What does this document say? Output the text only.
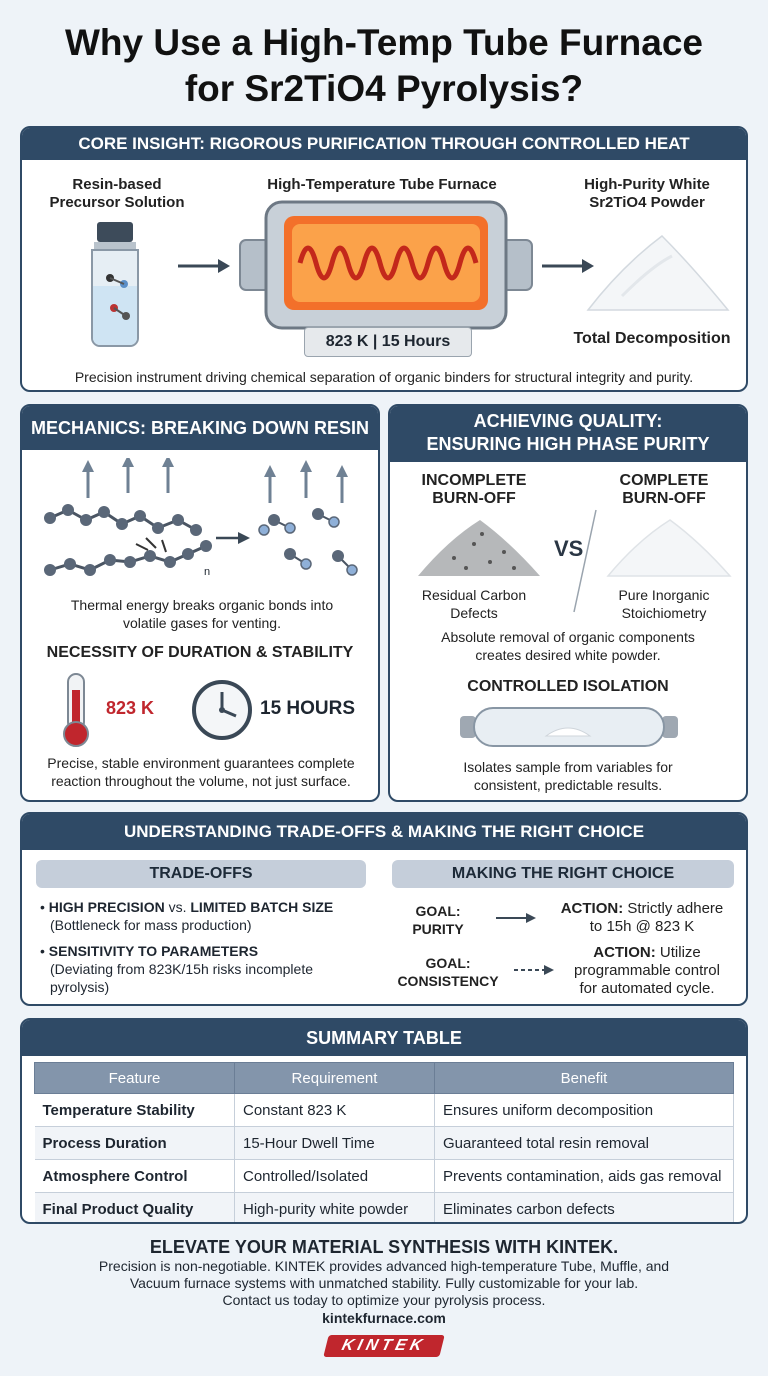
Why Use a High-Temp Tube Furnace
for Sr2TiO4 Pyrolysis?
CORE INSIGHT: RIGOROUS PURIFICATION THROUGH CONTROLLED HEAT
Resin-based Precursor Solution
High-Temperature Tube Furnace	High-Purity White Sr2TiO4 Powder
823 K | 15 Hours	Total Decomposition
Precision instrument driving chemical separation of organic binders for structural integrity and purity.
MECHANICS: BREAKING DOWN RESIN
n
Thermal energy breaks organic bonds into volatile gases for venting.
NECESSITY OF DURATION & STABILITY
823 K	15 HOURS
Precise, stable environment guarantees complete reaction throughout the volume, not just surface.
ACHIEVING QUALITY:
ENSURING HIGH PHASE PURITY
INCOMPLETE
BURN-OFF
COMPLETE
BURN-OFF
VS
Residual Carbon
Defects
Pure Inorganic
Stoichiometry
Absolute removal of organic components creates desired white powder.
CONTROLLED ISOLATION
Isolates sample from variables for consistent, predictable results.
UNDERSTANDING TRADE-OFFS & MAKING THE RIGHT CHOICE
TRADE-OFFS
• HIGH PRECISION vs. LIMITED BATCH SIZE
(Bottleneck for mass production)
• SENSITIVITY TO PARAMETERS
(Deviating from 823K/15h risks incomplete pyrolysis)
MAKING THE RIGHT CHOICE
GOAL:
PURITY
ACTION: Strictly adhere
to 15h @ 823 K
GOAL:
CONSISTENCY
ACTION: Utilize
programmable control
for automated cycle.
SUMMARY TABLE
Feature	Requirement	Benefit
Temperature Stability	Constant 823 K	Ensures uniform decomposition
Process Duration	15-Hour Dwell Time	Guaranteed total resin removal
Atmosphere Control	Controlled/Isolated	Prevents contamination, aids gas removal
Final Product Quality	High-purity white powder	Eliminates carbon defects
ELEVATE YOUR MATERIAL SYNTHESIS WITH KINTEK.
Precision is non-negotiable. KINTEK provides advanced high-temperature Tube, Muffle, and
Vacuum furnace systems with unmatched stability. Fully customizable for your lab.
Contact us today to optimize your pyrolysis process.
kintekfurnace.com
KINTEK
